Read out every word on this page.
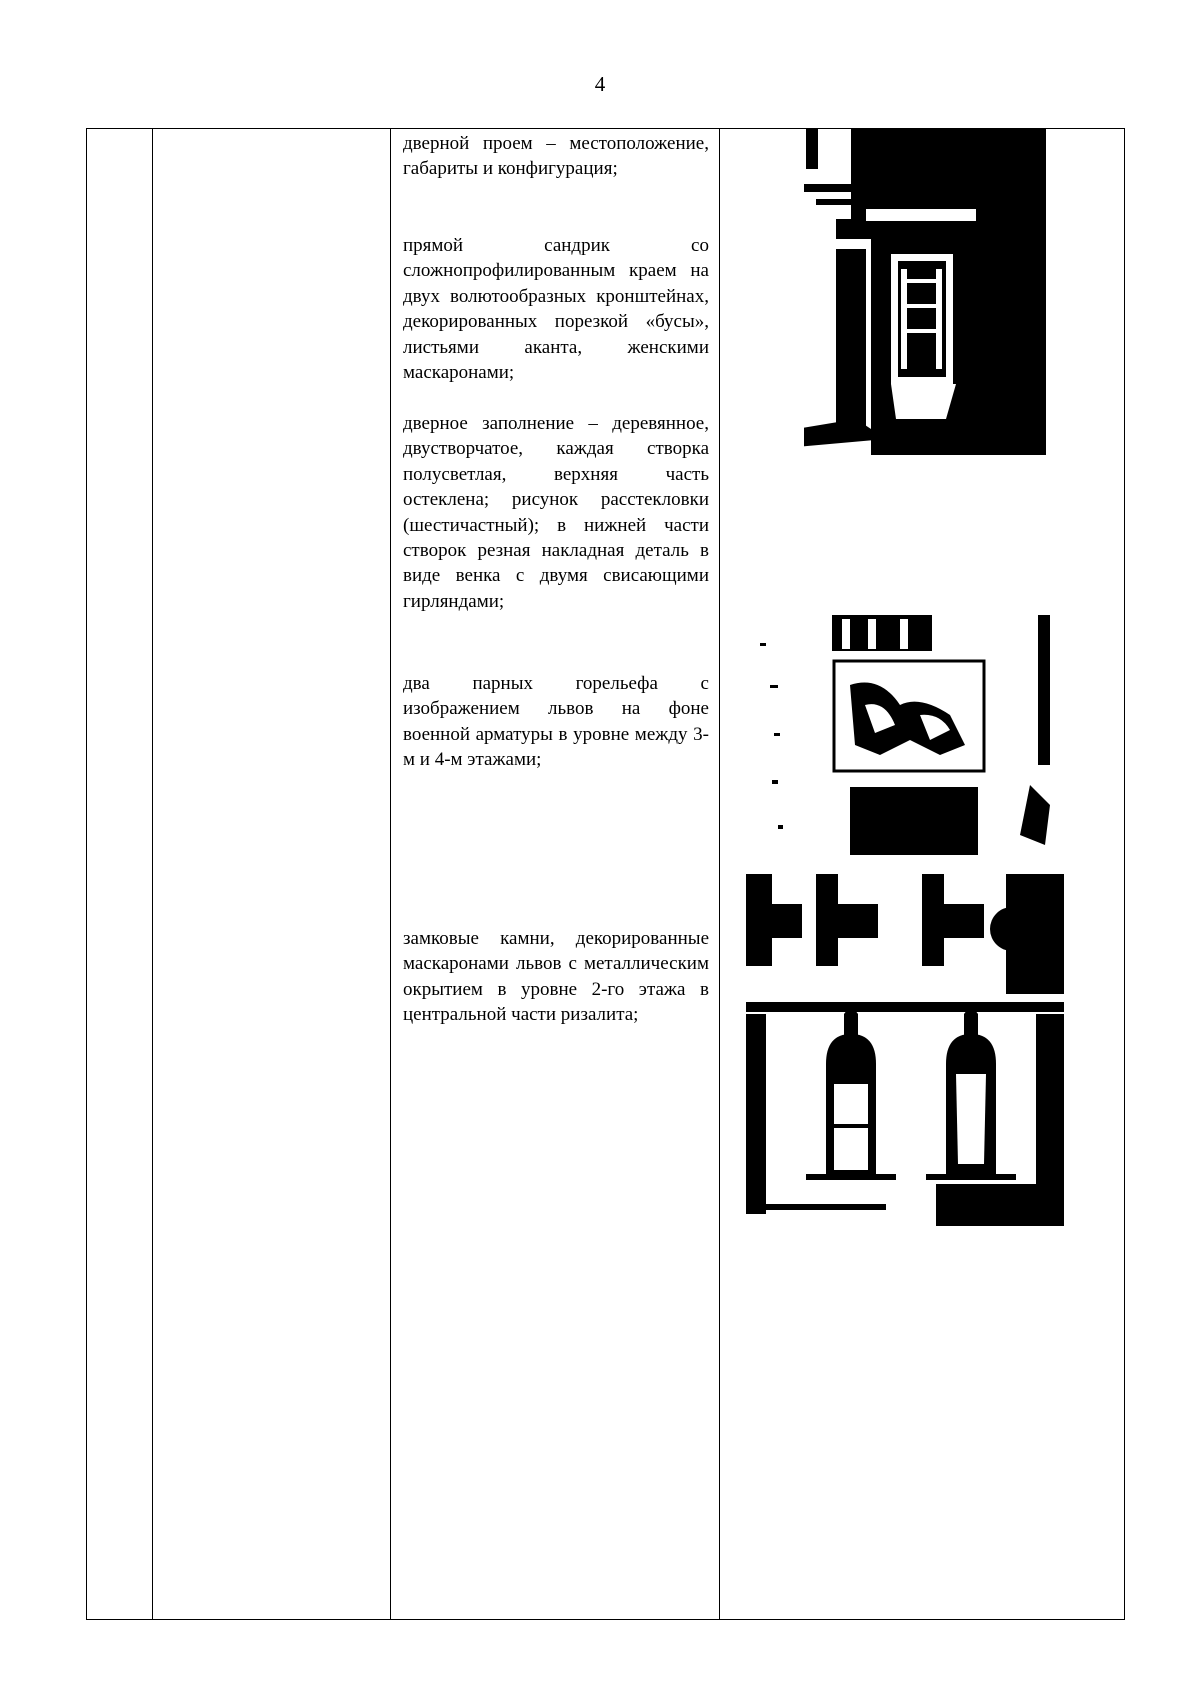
4

дверной проем – местоположение, габариты и конфигурация;

прямой сандрик со сложнопрофилированным краем на двух волютообразных кронштейнах, декорированных порезкой «бусы», листьями аканта, женскими маскаронами;

дверное заполнение – деревянное, двустворчатое, каждая створка полусветлая, верхняя часть остеклена; рисунок расстекловки (шестичастный); в нижней части створок резная накладная деталь в виде венка с двумя свисающими гирляндами;

два парных горельефа с изображением львов на фоне военной арматуры в уровне между 3-м и 4-м этажами;

замковые камни, декорированные маскаронами львов с металлическим окрытием в уровне 2-го этажа в центральной части ризалита;
